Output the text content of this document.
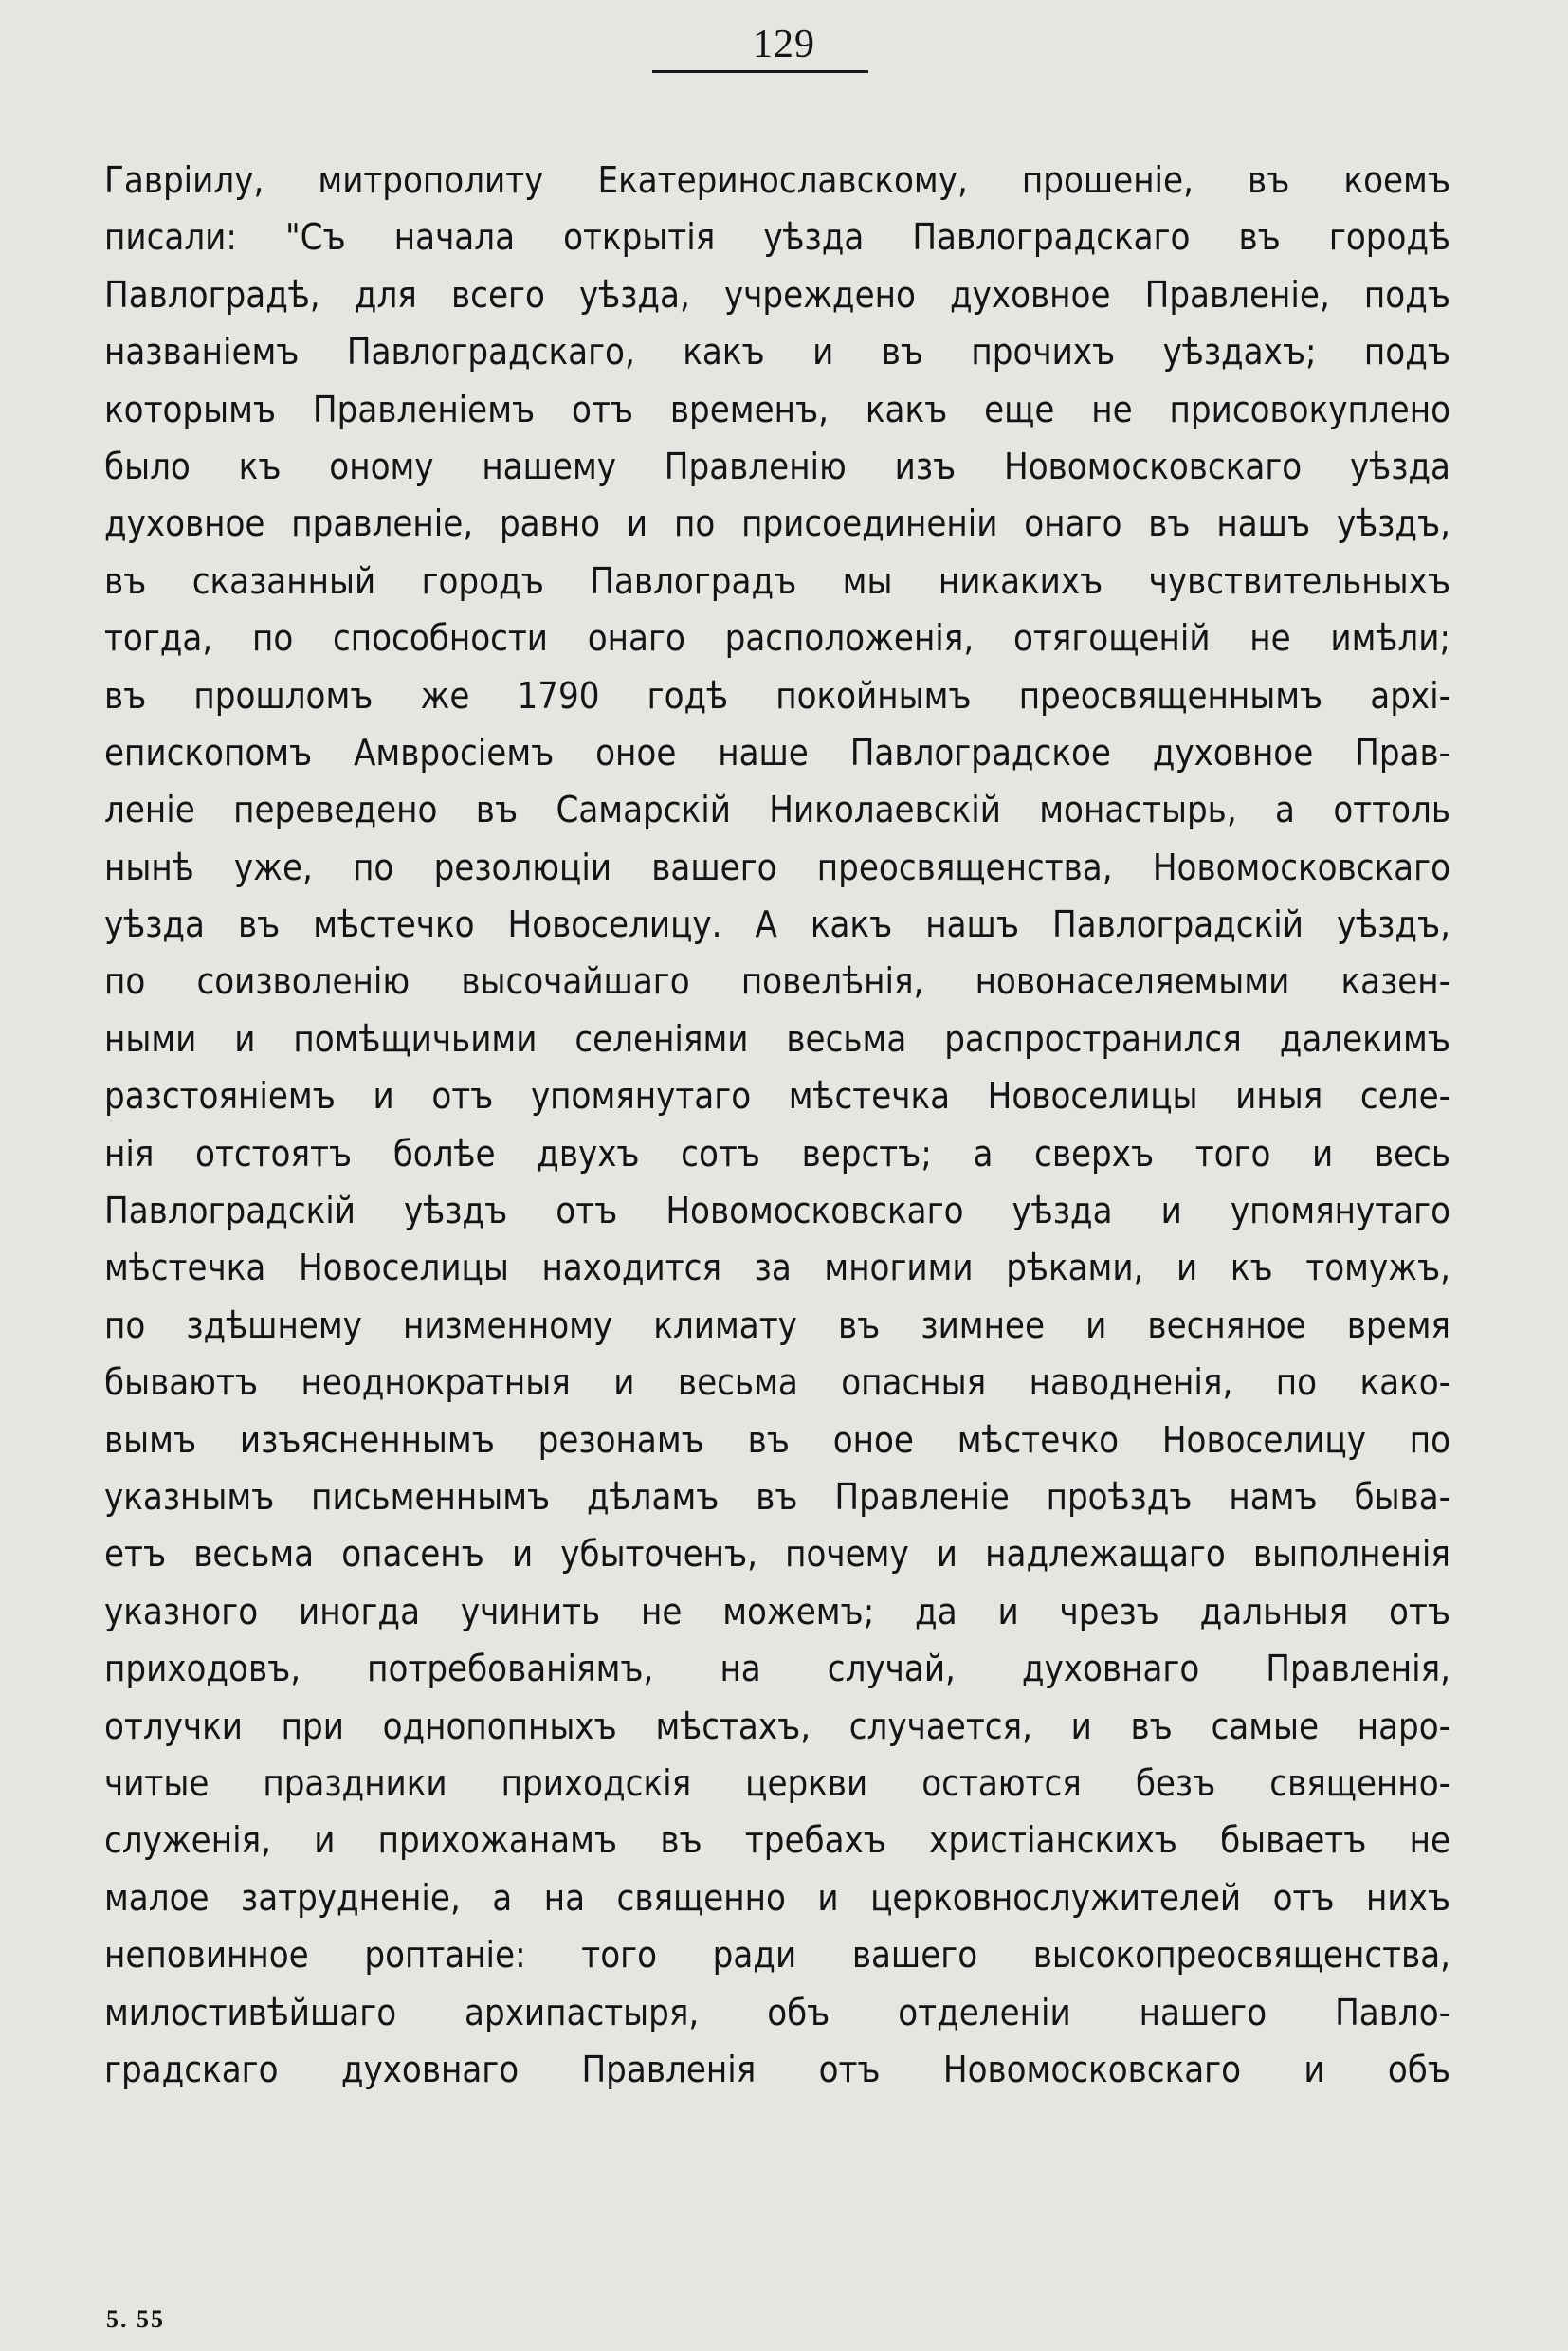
129
Гавріилу, митрополиту Екатеринославскому, прошеніе, въ коемъ
писали: "Съ начала открытія уѣзда Павлоградскаго въ городѣ
Павлоградѣ, для всего уѣзда, учреждено духовное Правленіе, подъ
названіемъ Павлоградскаго, какъ и въ прочихъ уѣздахъ; подъ
которымъ Правленіемъ отъ временъ, какъ еще не присовокуплено
было къ оному нашему Правленію изъ Новомосковскаго уѣзда
духовное правленіе, равно и по присоединеніи онаго въ нашъ уѣздъ,
въ сказанный городъ Павлоградъ мы никакихъ чувствительныхъ
тогда, по способности онаго расположенія, отягощеній не имѣли;
въ прошломъ же 1790 годѣ покойнымъ преосвященнымъ архі-
епископомъ Амвросіемъ оное наше Павлоградское духовное Прав-
леніе переведено въ Самарскій Николаевскій монастырь, а оттоль
нынѣ уже, по резолюціи вашего преосвященства, Новомосковскаго
уѣзда въ мѣстечко Новоселицу. А какъ нашъ Павлоградскій уѣздъ,
по соизволенію высочайшаго повелѣнія, новонаселяемыми казен-
ными и помѣщичьими селеніями весьма распространился далекимъ
разстояніемъ и отъ упомянутаго мѣстечка Новоселицы иныя селе-
нія отстоятъ болѣе двухъ сотъ верстъ; а сверхъ того и весь
Павлоградскій уѣздъ отъ Новомосковскаго уѣзда и упомянутаго
мѣстечка Новоселицы находится за многими рѣками, и къ томужъ,
по здѣшнему низменному климату въ зимнее и весняное время
бываютъ неоднократныя и весьма опасныя наводненія, по како-
вымъ изъясненнымъ резонамъ въ оное мѣстечко Новоселицу по
указнымъ письменнымъ дѣламъ въ Правленіе проѣздъ намъ быва-
етъ весьма опасенъ и убыточенъ, почему и надлежащаго выполненія
указного иногда учинить не можемъ; да и чрезъ дальныя отъ
приходовъ, потребованіямъ, на случай, духовнаго Правленія,
отлучки при однопопныхъ мѣстахъ, случается, и въ самые наро-
читые праздники приходскія церкви остаются безъ священно-
служенія, и прихожанамъ въ требахъ христіанскихъ бываетъ не
малое затрудненіе, а на священно и церковнослужителей отъ нихъ
неповинное роптаніе: того ради вашего высокопреосвященства,
милостивѣйшаго архипастыря, объ отделеніи нашего Павло-
градскаго духовнаго Правленія отъ Новомосковскаго и объ
5. 55
